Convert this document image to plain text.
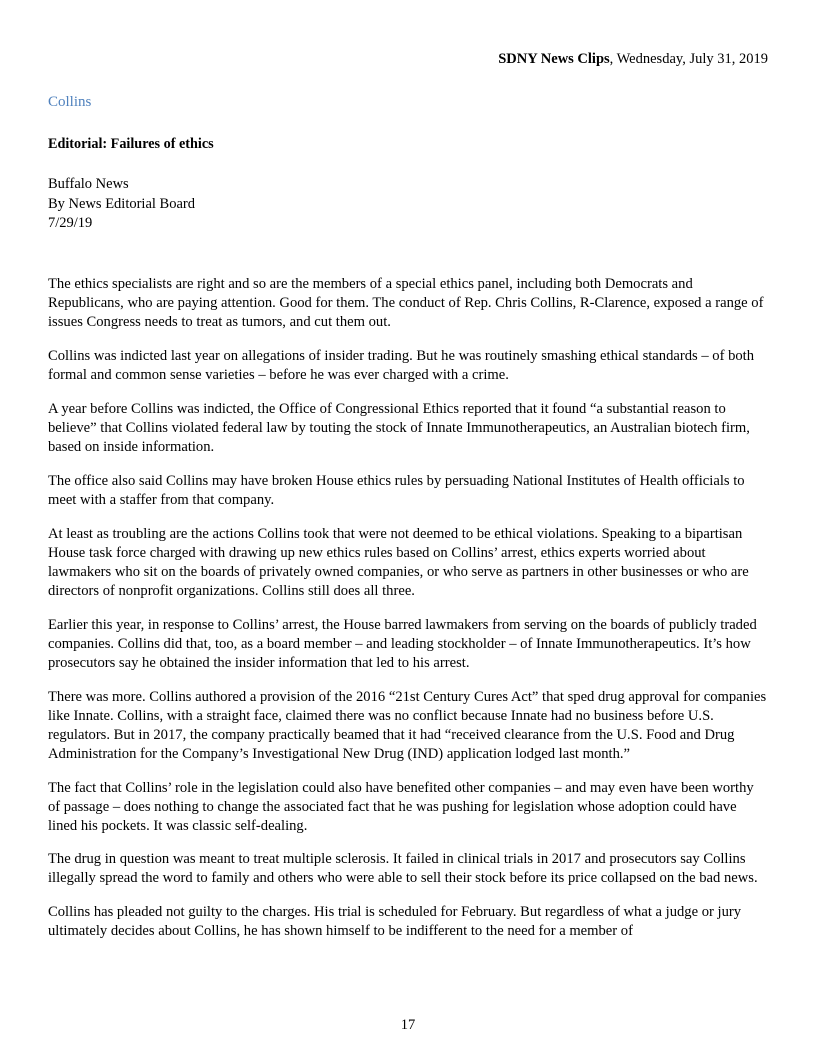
SDNY News Clips, Wednesday, July 31, 2019
Collins
Editorial: Failures of ethics
Buffalo News
By News Editorial Board
7/29/19

The ethics specialists are right and so are the members of a special ethics panel, including both Democrats and Republicans, who are paying attention. Good for them. The conduct of Rep. Chris Collins, R-Clarence, exposed a range of issues Congress needs to treat as tumors, and cut them out.

Collins was indicted last year on allegations of insider trading. But he was routinely smashing ethical standards – of both formal and common sense varieties – before he was ever charged with a crime.

A year before Collins was indicted, the Office of Congressional Ethics reported that it found “a substantial reason to believe” that Collins violated federal law by touting the stock of Innate Immunotherapeutics, an Australian biotech firm, based on inside information.

The office also said Collins may have broken House ethics rules by persuading National Institutes of Health officials to meet with a staffer from that company.

At least as troubling are the actions Collins took that were not deemed to be ethical violations. Speaking to a bipartisan House task force charged with drawing up new ethics rules based on Collins’ arrest, ethics experts worried about lawmakers who sit on the boards of privately owned companies, or who serve as partners in other businesses or who are directors of nonprofit organizations. Collins still does all three.

Earlier this year, in response to Collins’ arrest, the House barred lawmakers from serving on the boards of publicly traded companies. Collins did that, too, as a board member – and leading stockholder – of Innate Immunotherapeutics. It’s how prosecutors say he obtained the insider information that led to his arrest.

There was more. Collins authored a provision of the 2016 “21st Century Cures Act” that sped drug approval for companies like Innate. Collins, with a straight face, claimed there was no conflict because Innate had no business before U.S. regulators. But in 2017, the company practically beamed that it had “received clearance from the U.S. Food and Drug Administration for the Company’s Investigational New Drug (IND) application lodged last month.”

The fact that Collins’ role in the legislation could also have benefited other companies – and may even have been worthy of passage – does nothing to change the associated fact that he was pushing for legislation whose adoption could have lined his pockets. It was classic self-dealing.

The drug in question was meant to treat multiple sclerosis. It failed in clinical trials in 2017 and prosecutors say Collins illegally spread the word to family and others who were able to sell their stock before its price collapsed on the bad news.

Collins has pleaded not guilty to the charges. His trial is scheduled for February. But regardless of what a judge or jury ultimately decides about Collins, he has shown himself to be indifferent to the need for a member of

17
